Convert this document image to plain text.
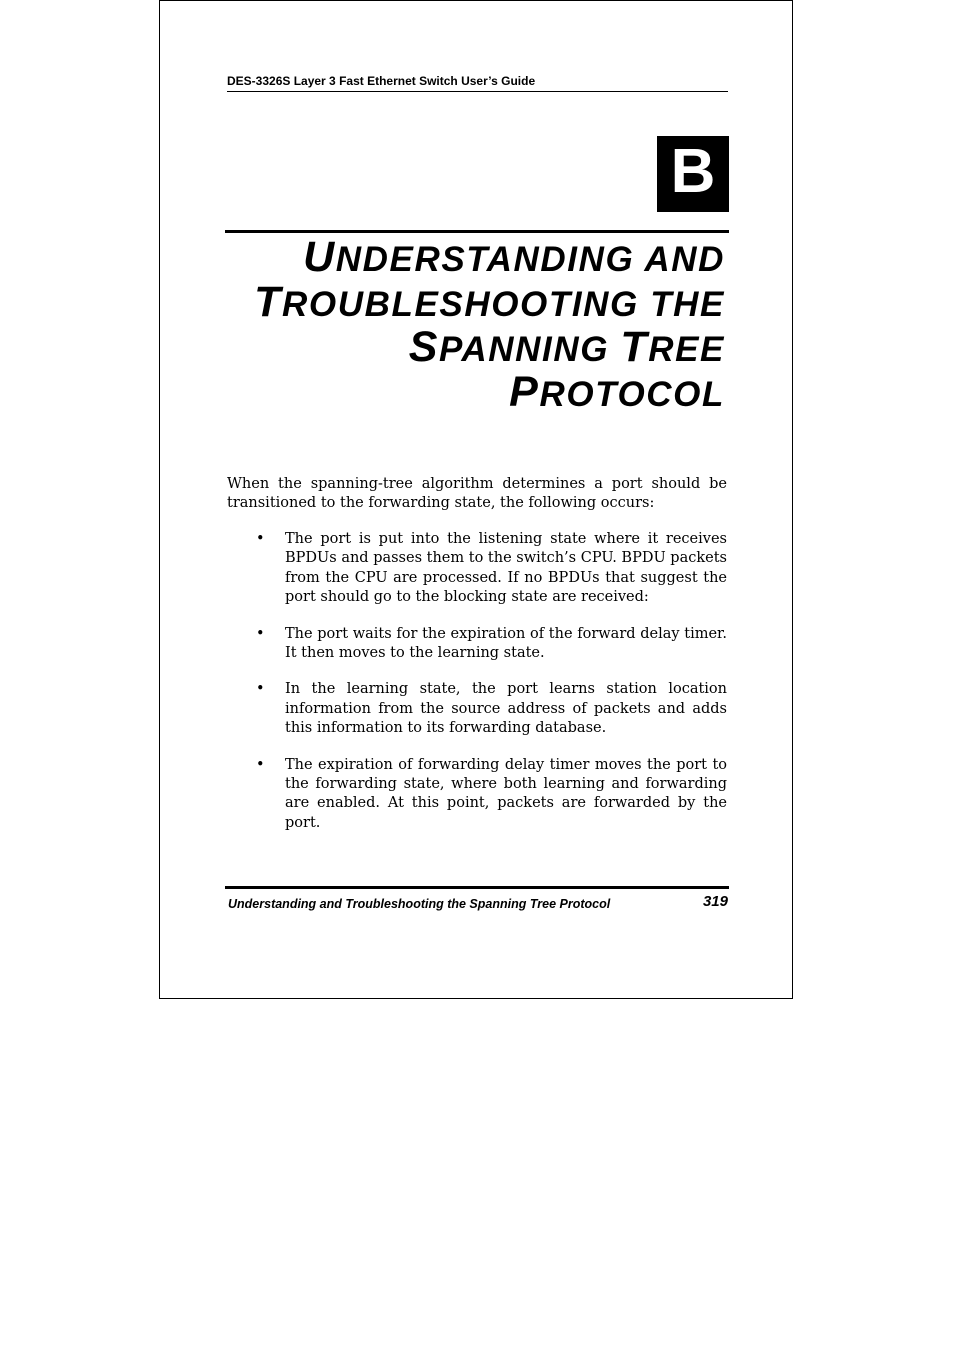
DES-3326S Layer 3 Fast Ethernet Switch User’s Guide
B
UNDERSTANDING AND
TROUBLESHOOTING THE
SPANNING TREE
PROTOCOL

When the spanning-tree algorithm determines a port should be transitioned to the forwarding state, the following occurs:

• The port is put into the listening state where it receives BPDUs and passes them to the switch’s CPU. BPDU packets from the CPU are processed. If no BPDUs that suggest the port should go to the blocking state are received:
• The port waits for the expiration of the forward delay timer. It then moves to the learning state.
• In the learning state, the port learns station location information from the source address of packets and adds this information to its forwarding database.
• The expiration of forwarding delay timer moves the port to the forwarding state, where both learning and forwarding are enabled. At this point, packets are forwarded by the port.
Understanding and Troubleshooting the Spanning Tree Protocol	319
